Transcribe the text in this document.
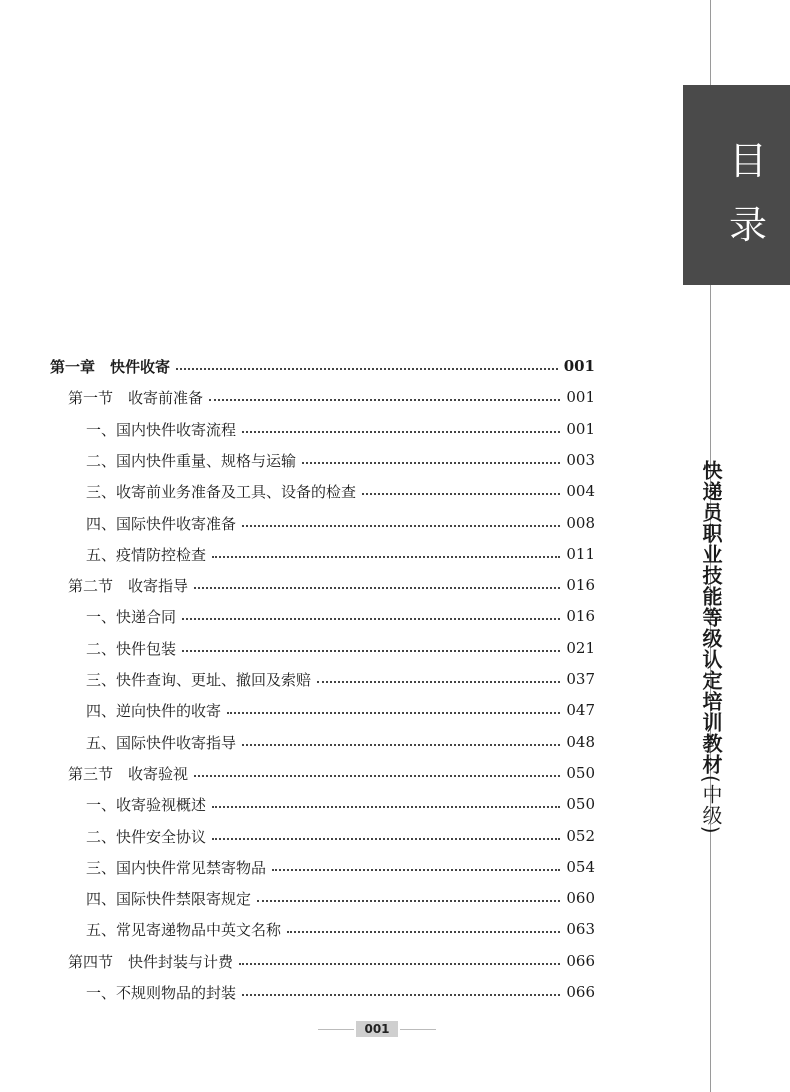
目
录
快递员职业技能等级认定培训教材(中级)
第一章　快件收寄	001
第一节　收寄前准备	001
一、国内快件收寄流程	001
二、国内快件重量、规格与运输	003
三、收寄前业务准备及工具、设备的检查	004
四、国际快件收寄准备	008
五、疫情防控检查	011
第二节　收寄指导	016
一、快递合同	016
二、快件包装	021
三、快件查询、更址、撤回及索赔	037
四、逆向快件的收寄	047
五、国际快件收寄指导	048
第三节　收寄验视	050
一、收寄验视概述	050
二、快件安全协议	052
三、国内快件常见禁寄物品	054
四、国际快件禁限寄规定	060
五、常见寄递物品中英文名称	063
第四节　快件封装与计费	066
一、不规则物品的封装	066
001
